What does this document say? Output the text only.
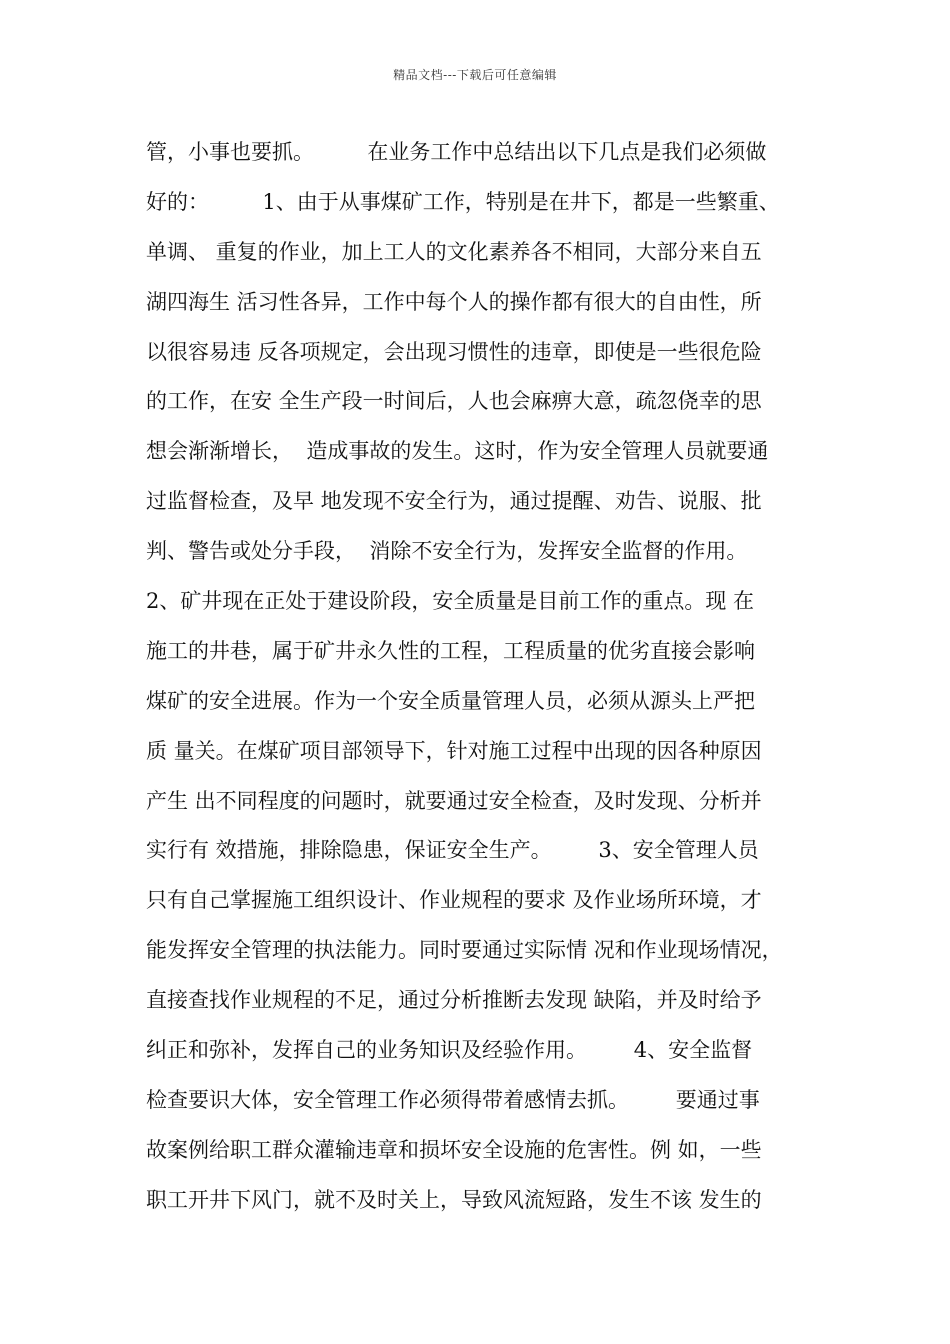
精品文档---下载后可任意编辑
管，小事也要抓。        在业务工作中总结出以下几点是我们必须做
好的：        1、由于从事煤矿工作，特别是在井下，都是一些繁重、
单调、 重复的作业，加上工人的文化素养各不相同，大部分来自五
湖四海生 活习性各异，工作中每个人的操作都有很大的自由性，所
以很容易违 反各项规定，会出现习惯性的违章，即使是一些很危险
的工作，在安 全生产段一时间后，人也会麻痹大意，疏忽侥幸的思
想会渐渐增长，  造成事故的发生。这时，作为安全管理人员就要通
过监督检查，及早 地发现不安全行为，通过提醒、劝告、说服、批
判、警告或处分手段，  消除不安全行为，发挥安全监督的作用。
2、矿井现在正处于建设阶段，安全质量是目前工作的重点。现 在
施工的井巷，属于矿井永久性的工程，工程质量的优劣直接会影响
煤矿的安全进展。作为一个安全质量管理人员，必须从源头上严把
质 量关。在煤矿项目部领导下，针对施工过程中出现的因各种原因
产生 出不同程度的问题时，就要通过安全检查，及时发现、分析并
实行有 效措施，排除隐患，保证安全生产。       3、安全管理人员
只有自己掌握施工组织设计、作业规程的要求 及作业场所环境，才
能发挥安全管理的执法能力。同时要通过实际情 况和作业现场情况，
直接查找作业规程的不足，通过分析推断去发现 缺陷，并及时给予
纠正和弥补，发挥自己的业务知识及经验作用。       4、安全监督
检查要识大体，安全管理工作必须得带着感情去抓。       要通过事
故案例给职工群众灌输违章和损坏安全设施的危害性。例 如，一些
职工开井下风门，就不及时关上，导致风流短路，发生不该 发生的
